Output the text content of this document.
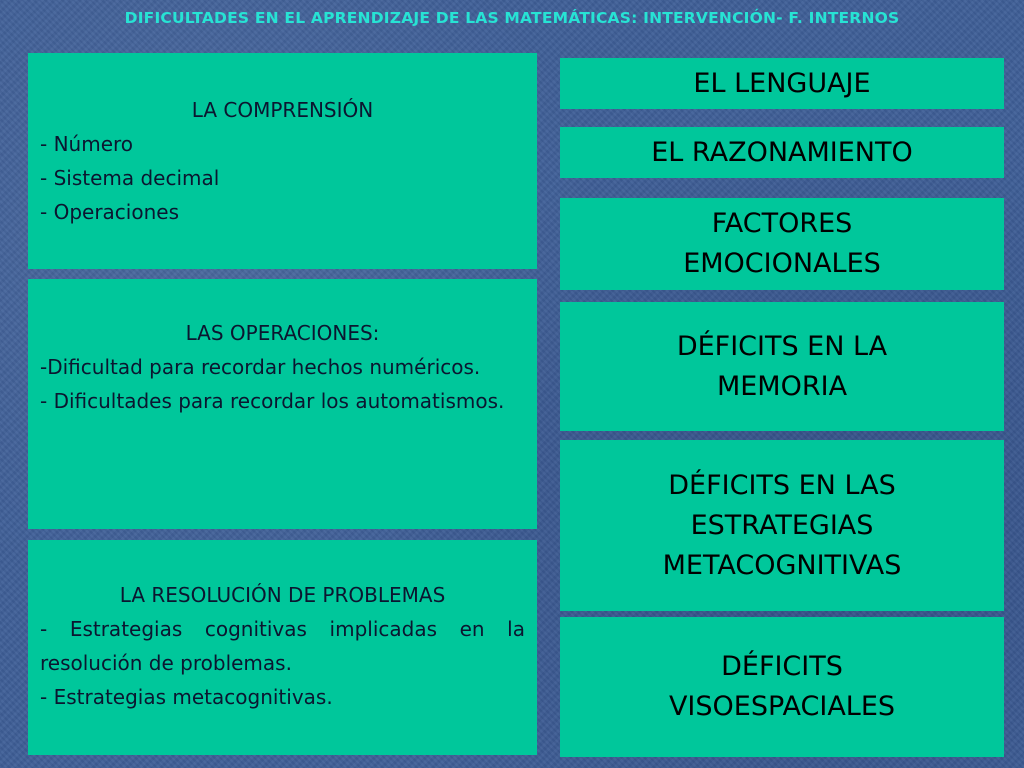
DIFICULTADES EN EL APRENDIZAJE DE LAS MATEMÁTICAS: INTERVENCIÓN- F. INTERNOS
LA COMPRENSIÓN
- Número
- Sistema decimal
- Operaciones
LAS OPERACIONES:
-Dificultad para recordar hechos numéricos.
- Dificultades para recordar los automatismos.
LA RESOLUCIÓN DE PROBLEMAS
- Estrategias cognitivas implicadas en la resolución de problemas.
- Estrategias metacognitivas.
EL LENGUAJE
EL RAZONAMIENTO
FACTORES EMOCIONALES
DÉFICITS EN LA MEMORIA
DÉFICITS EN LAS ESTRATEGIAS METACOGNITIVAS
DÉFICITS VISOESPACIALES
